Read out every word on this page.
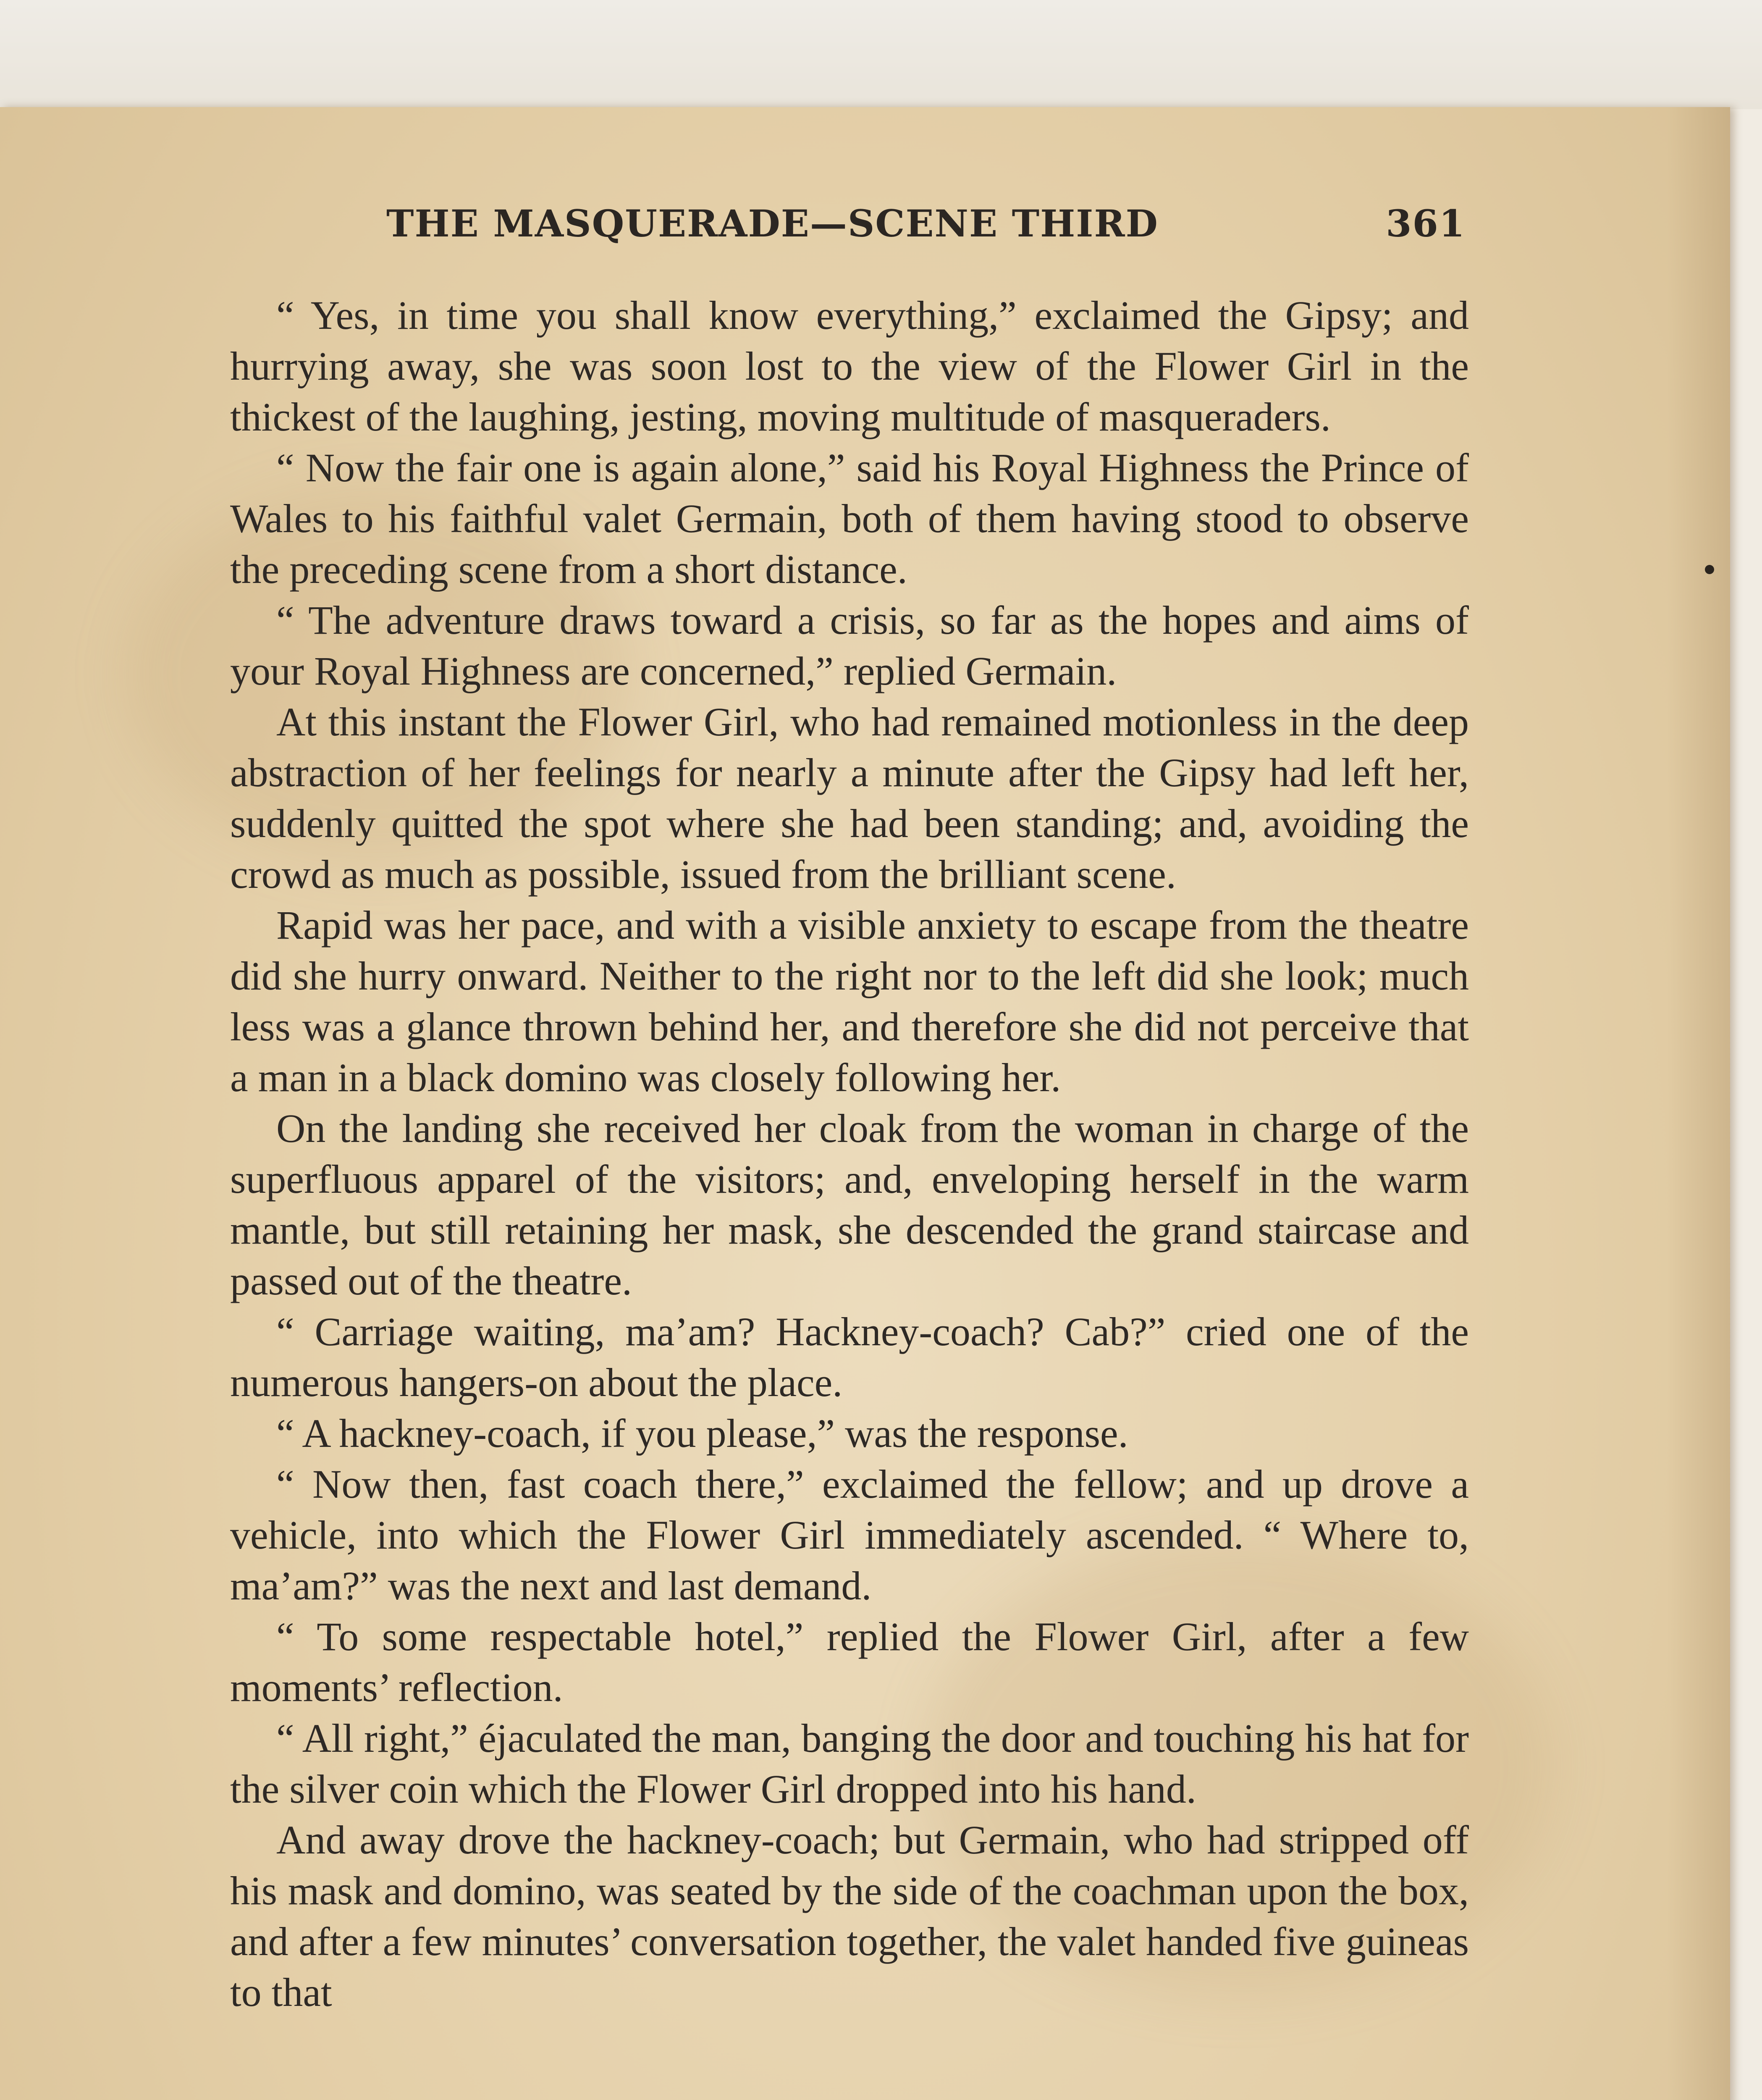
THE MASQUERADE—SCENE THIRD	361

“ Yes, in time you shall know everything,” exclaimed the Gipsy; and hurrying away, she was soon lost to the view of the Flower Girl in the thickest of the laughing, jesting, moving multitude of masqueraders.

“ Now the fair one is again alone,” said his Royal Highness the Prince of Wales to his faithful valet Germain, both of them having stood to observe the preceding scene from a short distance.

“ The adventure draws toward a crisis, so far as the hopes and aims of your Royal Highness are concerned,” replied Germain.

At this instant the Flower Girl, who had remained motionless in the deep abstraction of her feelings for nearly a minute after the Gipsy had left her, suddenly quitted the spot where she had been standing; and, avoiding the crowd as much as possible, issued from the brilliant scene.

Rapid was her pace, and with a visible anxiety to escape from the theatre did she hurry onward. Neither to the right nor to the left did she look; much less was a glance thrown behind her, and therefore she did not perceive that a man in a black domino was closely following her.

On the landing she received her cloak from the woman in charge of the superfluous apparel of the visitors; and, enveloping herself in the warm mantle, but still retaining her mask, she descended the grand staircase and passed out of the theatre.

“ Carriage waiting, ma’am? Hackney-coach? Cab?” cried one of the numerous hangers-on about the place.

“ A hackney-coach, if you please,” was the response.

“ Now then, fast coach there,” exclaimed the fellow; and up drove a vehicle, into which the Flower Girl immediately ascended. “ Where to, ma’am?” was the next and last demand.

“ To some respectable hotel,” replied the Flower Girl, after a few moments’ reflection.

“ All right,” éjaculated the man, banging the door and touching his hat for the silver coin which the Flower Girl dropped into his hand.

And away drove the hackney-coach; but Germain, who had stripped off his mask and domino, was seated by the side of the coachman upon the box, and after a few minutes’ conversation together, the valet handed five guineas to that
